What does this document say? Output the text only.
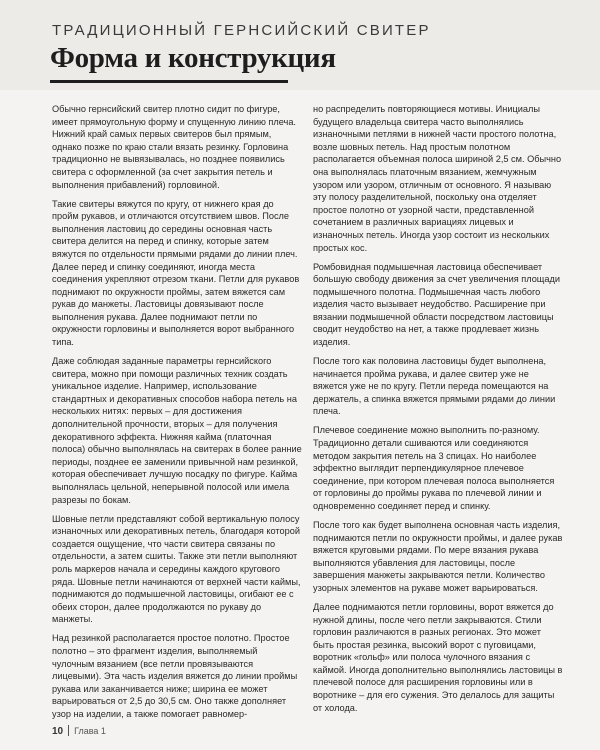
ТРАДИЦИОННЫЙ ГЕРНСИЙСКИЙ СВИТЕР
Форма и конструкция

Обычно гернсийский свитер плотно сидит по фигуре, имеет прямоугольную форму и спущенную линию плеча. Нижний край самых первых свитеров был прямым, однако позже по краю стали вязать резинку. Горловина традиционно не вывязывалась, но позднее появились свитера с оформленной (за счет закрытия петель и выполнения прибавлений) горловиной.

Такие свитеры вяжутся по кругу, от нижнего края до пройм рукавов, и отличаются отсутствием швов. После выполнения ластовиц до середины основная часть свитера делится на перед и спинку, которые затем вяжутся по отдельности прямыми рядами до линии плеч. Далее перед и спинку соединяют, иногда места соединения укрепляют отрезом ткани. Петли для рукавов поднимают по окружности проймы, затем вяжется сам рукав до манжеты. Ластовицы довязывают после выполнения рукава. Далее поднимают петли по окружности горловины и выполняется ворот выбранного типа.

Даже соблюдая заданные параметры гернсийского свитера, можно при помощи различных техник создать уникальное изделие. Например, использование стандартных и декоративных способов набора петель на нескольких нитях: первых – для достижения дополнительной прочности, вторых – для получения декоративного эффекта. Нижняя кайма (платочная полоса) обычно выполнялась на свитерах в более ранние периоды, позднее ее заменили привычной нам резинкой, которая обеспечивает лучшую посадку по фигуре. Кайма выполнялась цельной, неперывной полосой или имела разрезы по бокам.

Шовные петли представляют собой вертикальную полосу изнаночных или декоративных петель, благодаря которой создается ощущение, что части свитера связаны по отдельности, а затем сшиты. Также эти петли выполняют роль маркеров начала и середины каждого кругового ряда. Шовные петли начинаются от верхней части каймы, поднимаются до подмышечной ластовицы, огибают ее с обеих сторон, далее продолжаются по рукаву до манжеты.

Над резинкой располагается простое полотно. Простое полотно – это фрагмент изделия, выполняемый чулочным вязанием (все петли провязываются лицевыми). Эта часть изделия вяжется до линии проймы рукава или заканчивается ниже; ширина ее может варьироваться от 2,5 до 30,5 см. Оно также дополняет узор на изделии, а также помогает равномер-

но распределить повторяющиеся мотивы. Инициалы будущего владельца свитера часто выполнялись изнаночными петлями в нижней части простого полотна, возле шовных петель. Над простым полотном располагается объемная полоса шириной 2,5 см. Обычно она выполнялась платочным вязанием, жемчужным узором или узором, отличным от основного. Я называю эту полосу разделительной, поскольку она отделяет простое полотно от узорной части, представленной сочетанием в различных вариациях лицевых и изнаночных петель. Иногда узор состоит из нескольких простых кос.

Ромбовидная подмышечная ластовица обеспечивает большую свободу движения за счет увеличения площади подмышечного полотна. Подмышечная часть любого изделия часто вызывает неудобство. Расширение при вязании подмышечной области посредством ластовицы сводит неудобство на нет, а также продлевает жизнь изделия.

После того как половина ластовицы будет выполнена, начинается пройма рукава, и далее свитер уже не вяжется уже не по кругу. Петли переда помещаются на держатель, а спинка вяжется прямыми рядами до линии плеча.

Плечевое соединение можно выполнить по-разному. Традиционно детали сшиваются или соединяются методом закрытия петель на 3 спицах. Но наиболее эффектно выглядит перпендикулярное плечевое соединение, при котором плечевая полоса выполняется от горловины до проймы рукава по плечевой линии и одновременно соединяет перед и спинку.

После того как будет выполнена основная часть изделия, поднимаются петли по окружности проймы, и далее рукав вяжется круговыми рядами. По мере вязания рукава выполняются убавления для ластовицы, после завершения манжеты закрываются петли. Количество узорных элементов на рукаве может варьироваться.

Далее поднимаются петли горловины, ворот вяжется до нужной длины, после чего петли закрываются. Стили горловин различаются в разных регионах. Это может быть простая резинка, высокий ворот с пуговицами, воротник «гольф» или полоса чулочного вязания с каймой. Иногда дополнительно выполнялись ластовицы в плечевой полосе для расширения горловины или в воротнике – для его сужения. Это делалось для защиты от холода.

10 Глава 1
